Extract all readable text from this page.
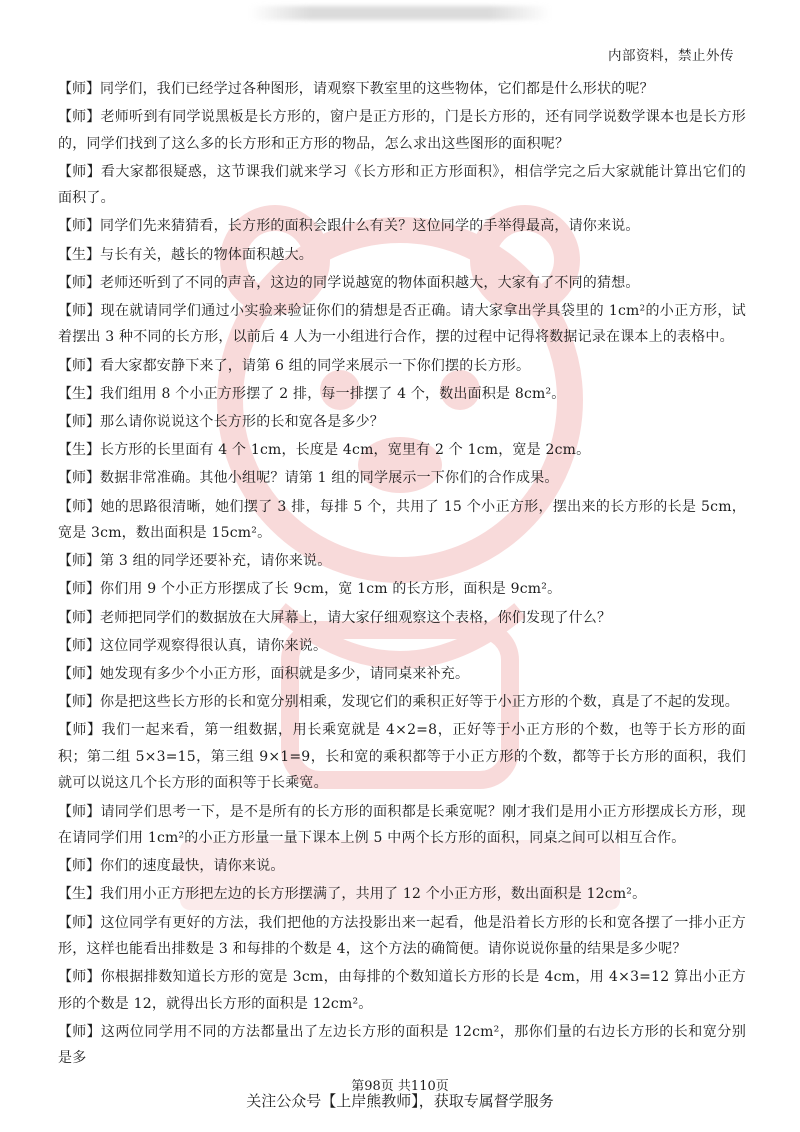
内部资料，禁止外传

【师】同学们，我们已经学过各种图形，请观察下教室里的这些物体，它们都是什么形状的呢？

【师】老师听到有同学说黑板是长方形的，窗户是正方形的，门是长方形的，还有同学说数学课本也是长方形的，同学们找到了这么多的长方形和正方形的物品，怎么求出这些图形的面积呢？

【师】看大家都很疑惑，这节课我们就来学习《长方形和正方形面积》，相信学完之后大家就能计算出它们的面积了。

【师】同学们先来猜猜看，长方形的面积会跟什么有关？这位同学的手举得最高，请你来说。

【生】与长有关，越长的物体面积越大。

【师】老师还听到了不同的声音，这边的同学说越宽的物体面积越大，大家有了不同的猜想。

【师】现在就请同学们通过小实验来验证你们的猜想是否正确。请大家拿出学具袋里的 1cm²的小正方形，试着摆出 3 种不同的长方形，以前后 4 人为一小组进行合作，摆的过程中记得将数据记录在课本上的表格中。

【师】看大家都安静下来了，请第 6 组的同学来展示一下你们摆的长方形。

【生】我们组用 8 个小正方形摆了 2 排，每一排摆了 4 个，数出面积是 8cm²。

【师】那么请你说说这个长方形的长和宽各是多少？

【生】长方形的长里面有 4 个 1cm，长度是 4cm，宽里有 2 个 1cm，宽是 2cm。

【师】数据非常准确。其他小组呢？请第 1 组的同学展示一下你们的合作成果。

【师】她的思路很清晰，她们摆了 3 排，每排 5 个，共用了 15 个小正方形，摆出来的长方形的长是 5cm，宽是 3cm，数出面积是 15cm²。

【师】第 3 组的同学还要补充，请你来说。

【师】你们用 9 个小正方形摆成了长 9cm，宽 1cm 的长方形，面积是 9cm²。

【师】老师把同学们的数据放在大屏幕上，请大家仔细观察这个表格，你们发现了什么？

【师】这位同学观察得很认真，请你来说。

【师】她发现有多少个小正方形，面积就是多少，请同桌来补充。

【师】你是把这些长方形的长和宽分别相乘，发现它们的乘积正好等于小正方形的个数，真是了不起的发现。

【师】我们一起来看，第一组数据，用长乘宽就是 4×2=8，正好等于小正方形的个数，也等于长方形的面积；第二组 5×3=15，第三组 9×1=9，长和宽的乘积都等于小正方形的个数，都等于长方形的面积，我们就可以说这几个长方形的面积等于长乘宽。

【师】请同学们思考一下，是不是所有的长方形的面积都是长乘宽呢？刚才我们是用小正方形摆成长方形，现在请同学们用 1cm²的小正方形量一量下课本上例 5 中两个长方形的面积，同桌之间可以相互合作。

【师】你们的速度最快，请你来说。

【生】我们用小正方形把左边的长方形摆满了，共用了 12 个小正方形，数出面积是 12cm²。

【师】这位同学有更好的方法，我们把他的方法投影出来一起看，他是沿着长方形的长和宽各摆了一排小正方形，这样也能看出排数是 3 和每排的个数是 4，这个方法的确简便。请你说说你量的结果是多少呢？

【师】你根据排数知道长方形的宽是 3cm，由每排的个数知道长方形的长是 4cm，用 4×3=12 算出小正方形的个数是 12，就得出长方形的面积是 12cm²。

【师】这两位同学用不同的方法都量出了左边长方形的面积是 12cm²，那你们量的右边长方形的长和宽分别是多

第98页 共110页
关注公众号【上岸熊教师】，获取专属督学服务
